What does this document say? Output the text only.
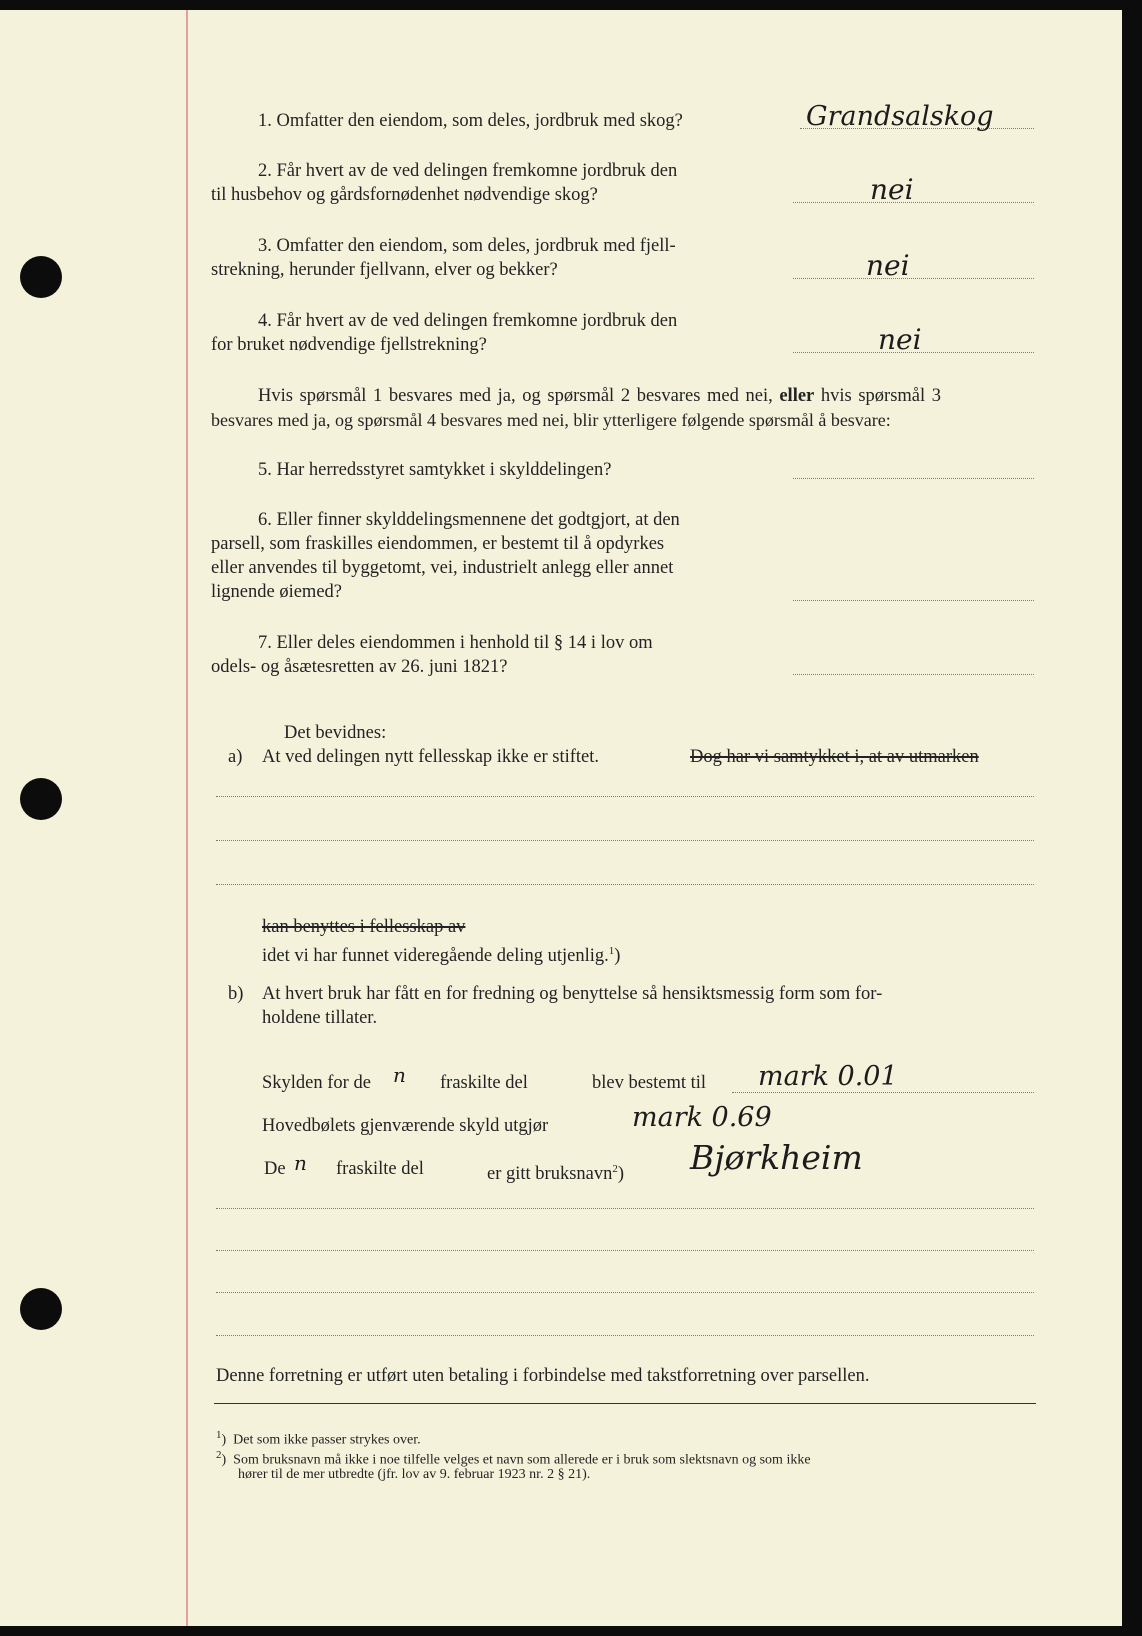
1. Omfatter den eiendom, som deles, jordbruk med skog?	Grandsalskog
2. Får hvert av de ved delingen fremkomne jordbruk den
til husbehov og gårdsfornødenhet nødvendige skog?	nei
3. Omfatter den eiendom, som deles, jordbruk med fjell-
strekning, herunder fjellvann, elver og bekker?	nei
4. Får hvert av de ved delingen fremkomne jordbruk den
for bruket nødvendige fjellstrekning?	nei
Hvis spørsmål 1 besvares med ja, og spørsmål 2 besvares med nei, eller hvis spørsmål 3
besvares med ja, og spørsmål 4 besvares med nei, blir ytterligere følgende spørsmål å besvare:
5. Har herredsstyret samtykket i skylddelingen?
6. Eller finner skylddelingsmennene det godtgjort, at den
parsell, som fraskilles eiendommen, er bestemt til å opdyrkes
eller anvendes til byggetomt, vei, industrielt anlegg eller annet
lignende øiemed?
7. Eller deles eiendommen i henhold til § 14 i lov om
odels- og åsætesretten av 26. juni 1821?
Det bevidnes:
a) At ved delingen nytt fellesskap ikke er stiftet.	Dog har vi samtykket i, at av utmarken
kan benyttes i fellesskap av
idet vi har funnet videregående deling utjenlig.$^1$)
b) At hvert bruk har fått en for fredning og benyttelse så hensiktsmessig form som for-
holdene tillater.
Skylden for de n fraskilte del	blev bestemt til mark 0.01
Hovedbølets gjenværende skyld utgjør	mark 0.69
De n fraskilte del	er gitt bruksnavn$^2$) Bjørkheim
Denne forretning er utført uten betaling i forbindelse med takstforretning over parsellen.
$^1$)  Det som ikke passer strykes over.
$^2$)  Som bruksnavn må ikke i noe tilfelle velges et navn som allerede er i bruk som slektsnavn og som ikke
hører til de mer utbredte (jfr. lov av 9. februar 1923 nr. 2 § 21).
